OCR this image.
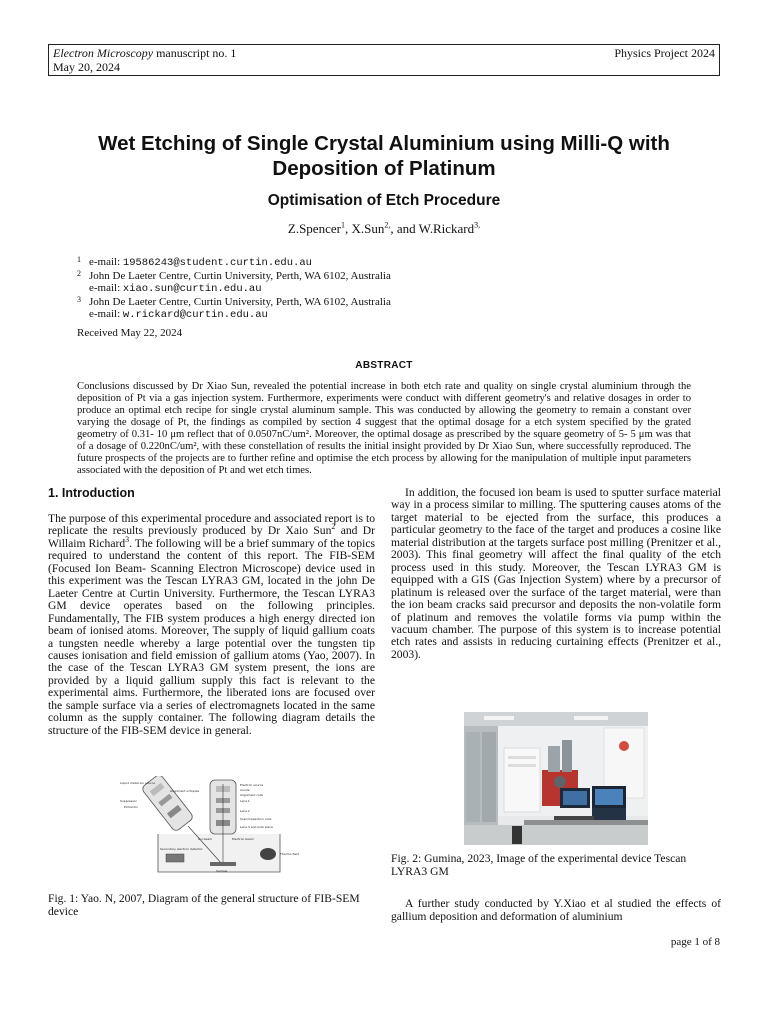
Electron Microscopy manuscript no. 1
May 20, 2024
Physics Project 2024
Wet Etching of Single Crystal Aluminium using Milli-Q with Deposition of Platinum
Optimisation of Etch Procedure
Z.Spencer$^1$, X.Sun$^{2,}$, and W.Rickard$^{3,}$
1 e-mail: 19586243@student.curtin.edu.au
2 John De Laeter Centre, Curtin University, Perth, WA 6102, Australia
e-mail: xiao.sun@curtin.edu.au
3 John De Laeter Centre, Curtin University, Perth, WA 6102, Australia
e-mail: w.rickard@curtin.edu.au
Received May 22, 2024
ABSTRACT

Conclusions discussed by Dr Xiao Sun, revealed the potential increase in both etch rate and quality on single crystal aluminium through the deposition of Pt via a gas injection system. Furthermore, experiments were conduct with different geometry's and relative dosages in order to produce an optimal etch recipe for single crystal aluminum sample. This was conducted by allowing the geometry to remain a constant over varying the dosage of Pt, the findings as compiled by section 4 suggest that the optimal dosage for a etch system specified by the grated geometry of 0.31- 10 μm reflect that of 0.0507nC/um². Moreover, the optimal dosage as prescribed by the square geometry of 5- 5 μm was that of a dosage of 0.220nC/um², with these constellation of results the initial insight provided by Dr Xiao Sun, where successfully reproduced. The future prospects of the projects are to further refine and optimise the etch process by allowing for the manipulation of multiple input parameters associated with the deposition of Pt and wet etch times.

1. Introduction

The purpose of this experimental procedure and associated report is to replicate the results previously produced by Dr Xaio Sun$^2$ and Dr Willaim Richard$^3$. The following will be a brief summary of the topics required to understand the content of this report. The FIB-SEM (Focused Ion Beam- Scanning Electron Microscope) device used in this experiment was the Tescan LYRA3 GM, located in the john De Laeter Centre at Curtin University. Furthermore, the Tescan LYRA3 GM device operates based on the following principles. Fundamentally, The FIB system produces a high energy directed ion beam of ionised atoms. Moreover, The supply of liquid gallium coats a tungsten needle whereby a large potential over the tungsten tip causes ionisation and field emission of gallium atoms (Yao, 2007). In the case of the Tescan LYRA3 GM system present, the ions are provided by a liquid gallium supply this fact is relevant to the experimental aims. Furthermore, the liberated ions are focused over the sample surface via a series of electromagnets located in the same column as the supply container. The following diagram details the structure of the FIB-SEM device in general.

Electron source
Anode
Alignment coils
Lens 1
Lens 2
Scan/inspection coils
Lens 3 and pole piece
Electron beam
Ion beam
Suppressor
Extractor
Alignment octopole
Liquid metal ion source
Secondary electron detector
Sample
Thermo field
Fig. 1: Yao. N, 2007, Diagram of the general structure of FIB-SEM device

In addition, the focused ion beam is used to sputter surface material way in a process similar to milling. The sputtering causes atoms of the target material to be ejected from the surface, this produces a particular geometry to the face of the target and produces a cosine like material distribution at the targets surface post milling (Prenitzer et al., 2003). This final geometry will affect the final quality of the etch process used in this study. Moreover, the Tescan LYRA3 GM is equipped with a GIS (Gas Injection System) where by a precursor of platinum is released over the surface of the target material, were than the ion beam cracks said precursor and deposits the non-volatile form of platinum and removes the volatile forms via pump within the vacuum chamber. The purpose of this system is to increase potential etch rates and assists in reducing curtaining effects (Prenitzer et al., 2003).

Fig. 2: Gumina, 2023, Image of the experimental device Tescan LYRA3 GM

A further study conducted by Y.Xiao et al studied the effects of gallium deposition and deformation of aluminium

page 1 of 8
